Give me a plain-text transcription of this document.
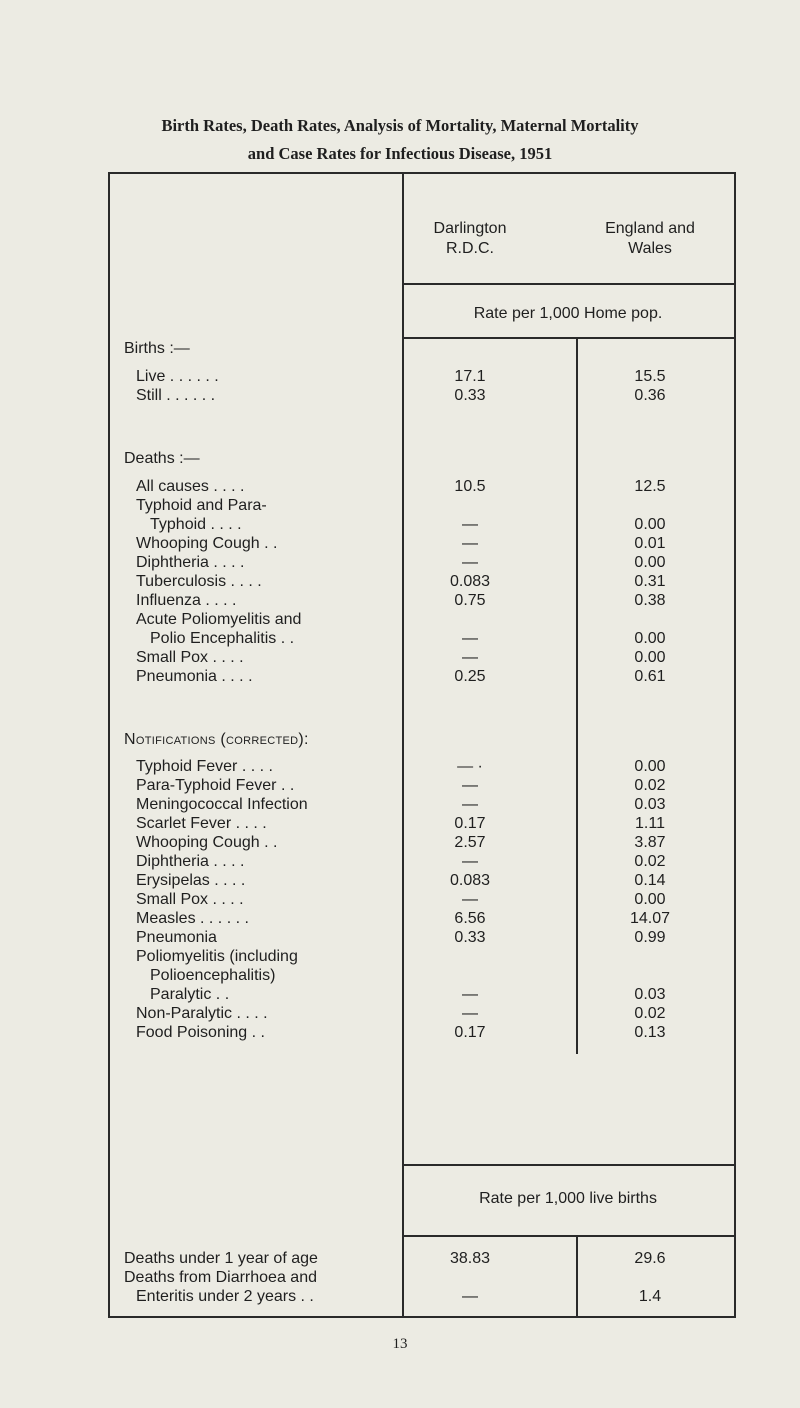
Birth Rates, Death Rates, Analysis of Mortality, Maternal Mortality
and Case Rates for Infectious Disease, 1951
Darlington
R.D.C.
England and
Wales
Rate per 1,000 Home pop.
Rate per 1,000 live births
Births :—
Live . . . . . .	17.1	15.5
Still . . . . . .	0.33	0.36
Deaths :—
All causes . . . .	10.5	12.5
Typhoid and Para-
Typhoid . . . .	—	0.00
Whooping Cough . .	—	0.01
Diphtheria . . . .	—	0.00
Tuberculosis . . . .	0.083	0.31
Influenza . . . .	0.75	0.38
Acute Poliomyelitis and
Polio Encephalitis . .	—	0.00
Small Pox . . . .	—	0.00
Pneumonia . . . .	0.25	0.61
Notifications (corrected):
Typhoid Fever . . . .	— ·	0.00
Para-Typhoid Fever . .	—	0.02
Meningococcal Infection	—	0.03
Scarlet Fever . . . .	0.17	1.11
Whooping Cough . .	2.57	3.87
Diphtheria . . . .	—	0.02
Erysipelas . . . .	0.083	0.14
Small Pox . . . .	—	0.00
Measles . . . . . .	6.56	14.07
Pneumonia	0.33	0.99
Poliomyelitis (including
Polioencephalitis)
Paralytic . .	—	0.03
Non-Paralytic . . . .	—	0.02
Food Poisoning . .	0.17	0.13
Deaths under 1 year of age	38.83	29.6
Deaths from Diarrhoea and
Enteritis under 2 years . .	—	1.4
13
